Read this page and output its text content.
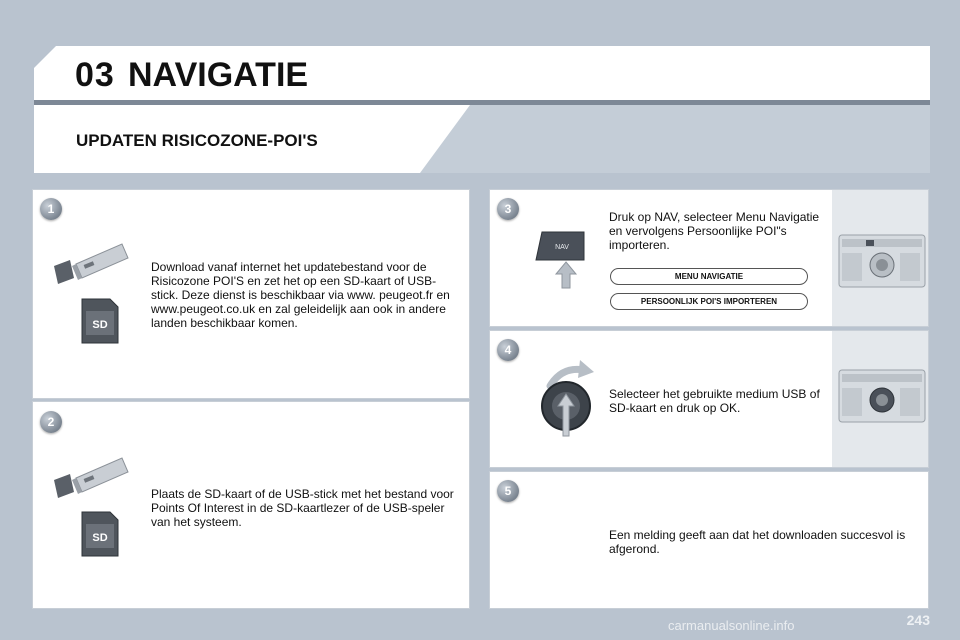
03 NAVIGATIE
UPDATEN RISICOZONE-POI'S
1
SD
Download vanaf internet het updatebestand voor de Risicozone POI'S en zet het op een SD-kaart of USB-stick. Deze dienst is beschikbaar via www. peugeot.fr en www.peugeot.co.uk en zal geleidelijk aan ook in andere landen beschikbaar komen.
2
SD
Plaats de SD-kaart of de USB-stick met het bestand voor Points Of Interest in de SD-kaartlezer of de USB-speler van het systeem.
3
NAV
Druk op NAV, selecteer Menu Navigatie en vervolgens Persoonlijke POI"s importeren.
MENU NAVIGATIE
PERSOONLIJK POI'S IMPORTEREN
4
Selecteer het gebruikte medium USB of SD-kaart en druk op OK.
5
Een melding geeft aan dat het downloaden succesvol is afgerond.
carmanualsonline.info	243
